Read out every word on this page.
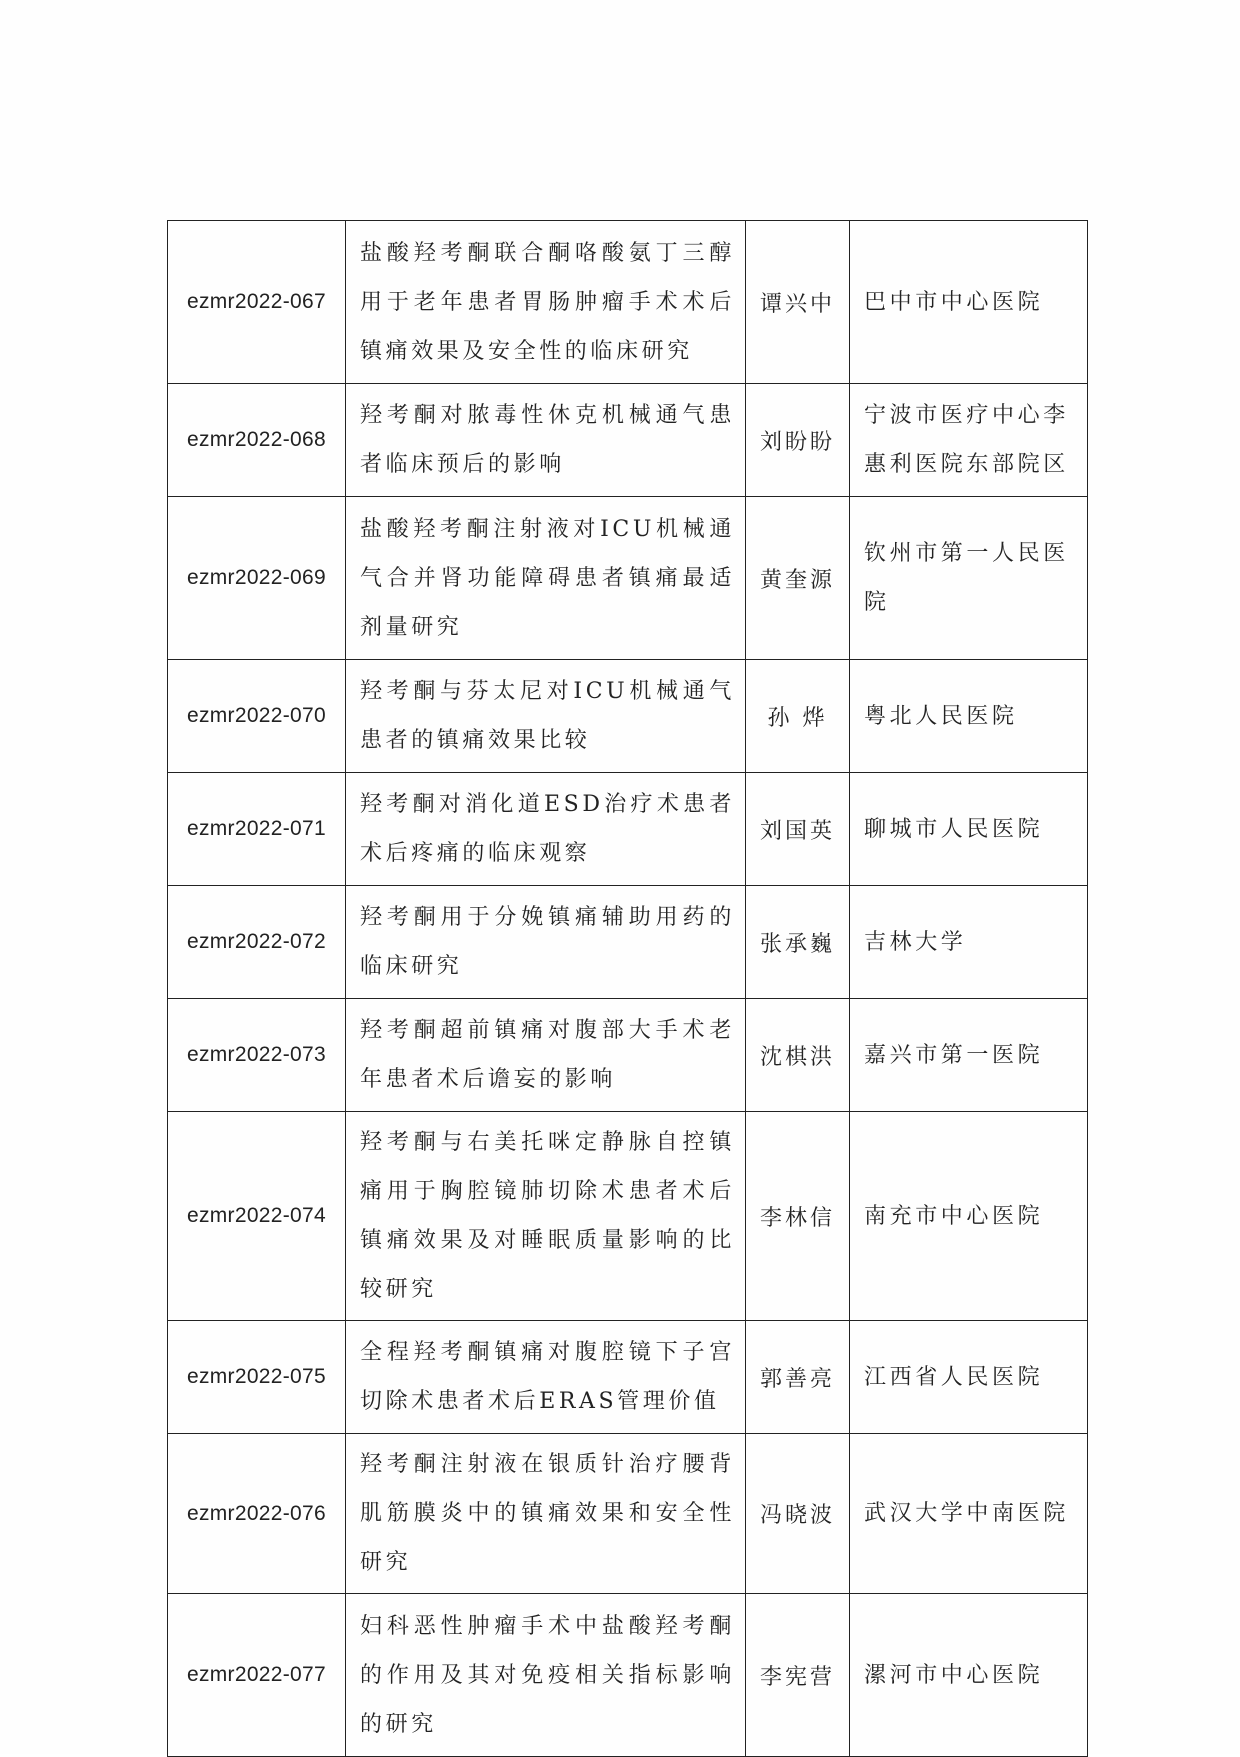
ezmr2022-067	盐酸羟考酮联合酮咯酸氨丁三醇用于老年患者胃肠肿瘤手术术后镇痛效果及安全性的临床研究	谭兴中	巴中市中心医院
ezmr2022-068	羟考酮对脓毒性休克机械通气患者临床预后的影响	刘盼盼	宁波市医疗中心李惠利医院东部院区
ezmr2022-069	盐酸羟考酮注射液对ICU机械通气合并肾功能障碍患者镇痛最适剂量研究	黄奎源	钦州市第一人民医院
ezmr2022-070	羟考酮与芬太尼对ICU机械通气患者的镇痛效果比较	孙 烨	粤北人民医院
ezmr2022-071	羟考酮对消化道ESD治疗术患者术后疼痛的临床观察	刘国英	聊城市人民医院
ezmr2022-072	羟考酮用于分娩镇痛辅助用药的临床研究	张承巍	吉林大学
ezmr2022-073	羟考酮超前镇痛对腹部大手术老年患者术后谵妄的影响	沈棋洪	嘉兴市第一医院
ezmr2022-074	羟考酮与右美托咪定静脉自控镇痛用于胸腔镜肺切除术患者术后镇痛效果及对睡眠质量影响的比较研究	李林信	南充市中心医院
ezmr2022-075	全程羟考酮镇痛对腹腔镜下子宫切除术患者术后ERAS管理价值	郭善亮	江西省人民医院
ezmr2022-076	羟考酮注射液在银质针治疗腰背肌筋膜炎中的镇痛效果和安全性研究	冯晓波	武汉大学中南医院
ezmr2022-077	妇科恶性肿瘤手术中盐酸羟考酮的作用及其对免疫相关指标影响的研究	李宪营	漯河市中心医院
